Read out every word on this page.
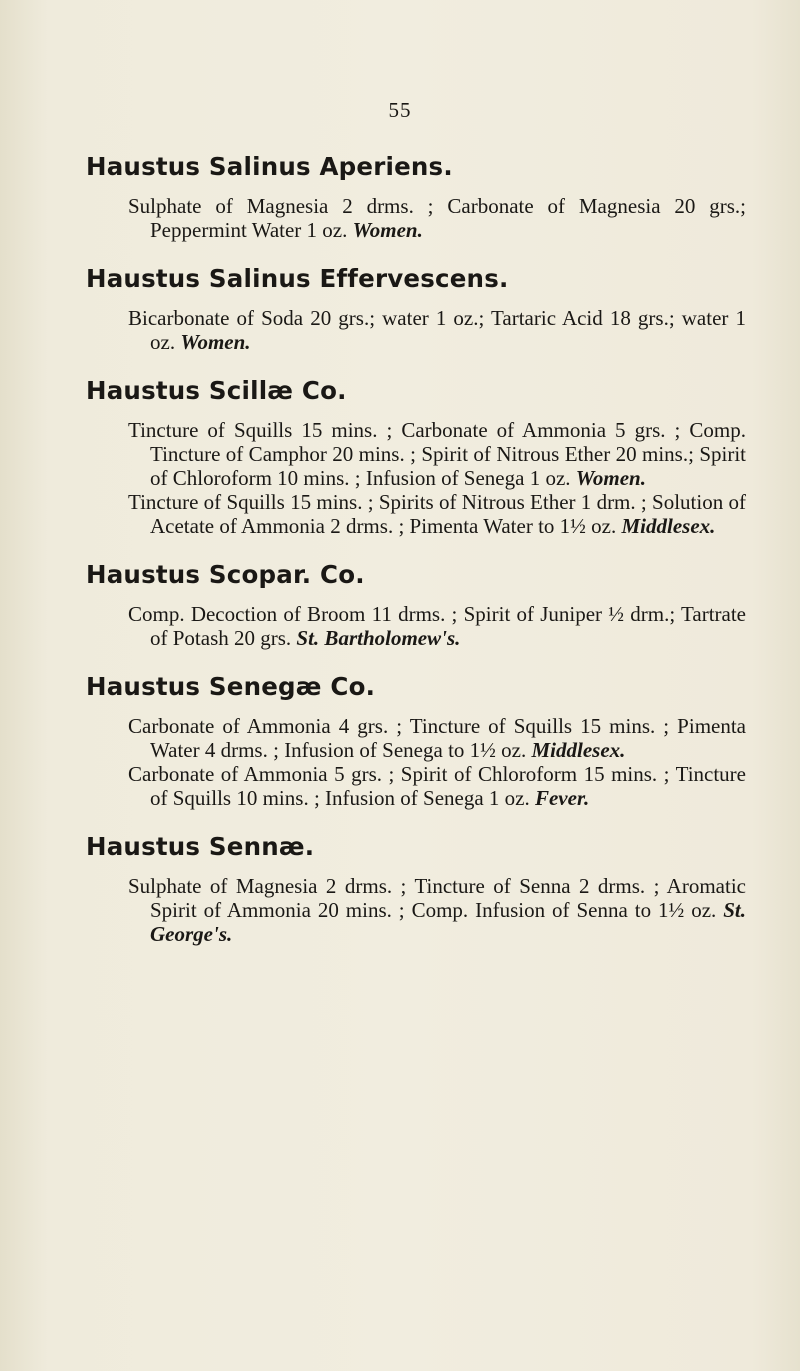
55
Haustus Salinus Aperiens.

Sulphate of Magnesia 2 drms. ; Carbonate of Magnesia 20 grs.; Peppermint Water 1 oz. Women.

Haustus Salinus Effervescens.

Bicarbonate of Soda 20 grs.; water 1 oz.; Tartaric Acid 18 grs.; water 1 oz. Women.

Haustus Scillæ Co.

Tincture of Squills 15 mins. ; Carbonate of Ammonia 5 grs. ; Comp. Tincture of Camphor 20 mins. ; Spirit of Nitrous Ether 20 mins.; Spirit of Chloroform 10 mins. ; Infusion of Senega 1 oz. Women.

Tincture of Squills 15 mins. ; Spirits of Nitrous Ether 1 drm. ; Solution of Acetate of Ammonia 2 drms. ; Pimenta Water to 1½ oz. Middlesex.

Haustus Scopar. Co.

Comp. Decoction of Broom 11 drms. ; Spirit of Juniper ½ drm.; Tartrate of Potash 20 grs. St. Bartholomew's.

Haustus Senegæ Co.

Carbonate of Ammonia 4 grs. ; Tincture of Squills 15 mins. ; Pimenta Water 4 drms. ; Infusion of Senega to 1½ oz. Middlesex.

Carbonate of Ammonia 5 grs. ; Spirit of Chloroform 15 mins. ; Tincture of Squills 10 mins. ; Infusion of Senega 1 oz. Fever.

Haustus Sennæ.

Sulphate of Magnesia 2 drms. ; Tincture of Senna 2 drms. ; Aromatic Spirit of Ammonia 20 mins. ; Comp. Infusion of Senna to 1½ oz. St. George's.
